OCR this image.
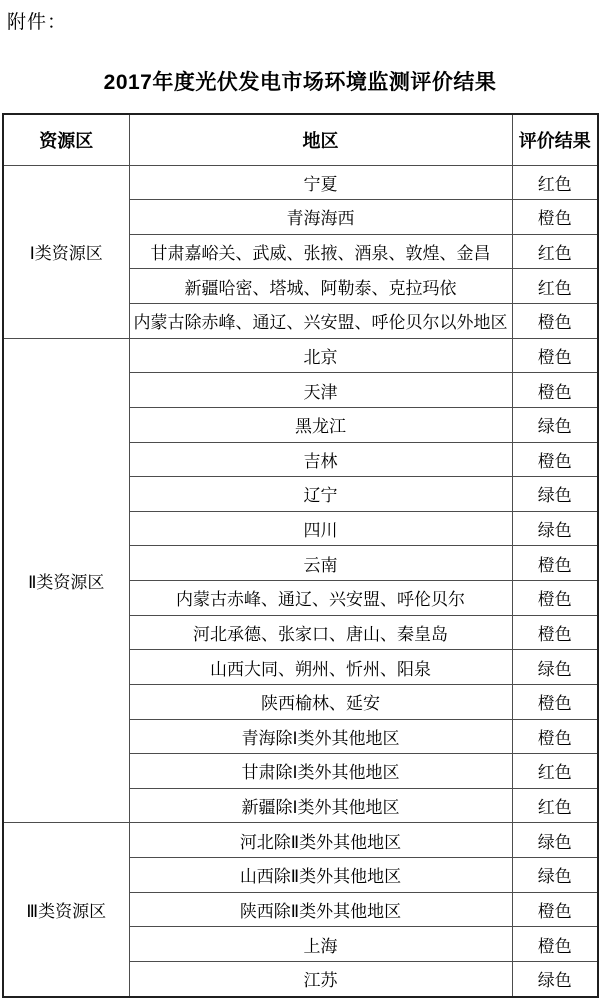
附件：
2017年度光伏发电市场环境监测评价结果
资源区	地区	评价结果
Ⅰ类资源区	宁夏	红色
	青海海西	橙色
	甘肃嘉峪关、武威、张掖、酒泉、敦煌、金昌	红色
	新疆哈密、塔城、阿勒泰、克拉玛依	红色
	内蒙古除赤峰、通辽、兴安盟、呼伦贝尔以外地区	橙色
Ⅱ类资源区	北京	橙色
	天津	橙色
	黑龙江	绿色
	吉林	橙色
	辽宁	绿色
	四川	绿色
	云南	橙色
	内蒙古赤峰、通辽、兴安盟、呼伦贝尔	橙色
	河北承德、张家口、唐山、秦皇岛	橙色
	山西大同、朔州、忻州、阳泉	绿色
	陕西榆林、延安	橙色
	青海除Ⅰ类外其他地区	橙色
	甘肃除Ⅰ类外其他地区	红色
	新疆除Ⅰ类外其他地区	红色
Ⅲ类资源区	河北除Ⅱ类外其他地区	绿色
	山西除Ⅱ类外其他地区	绿色
	陕西除Ⅱ类外其他地区	橙色
	上海	橙色
	江苏	绿色
